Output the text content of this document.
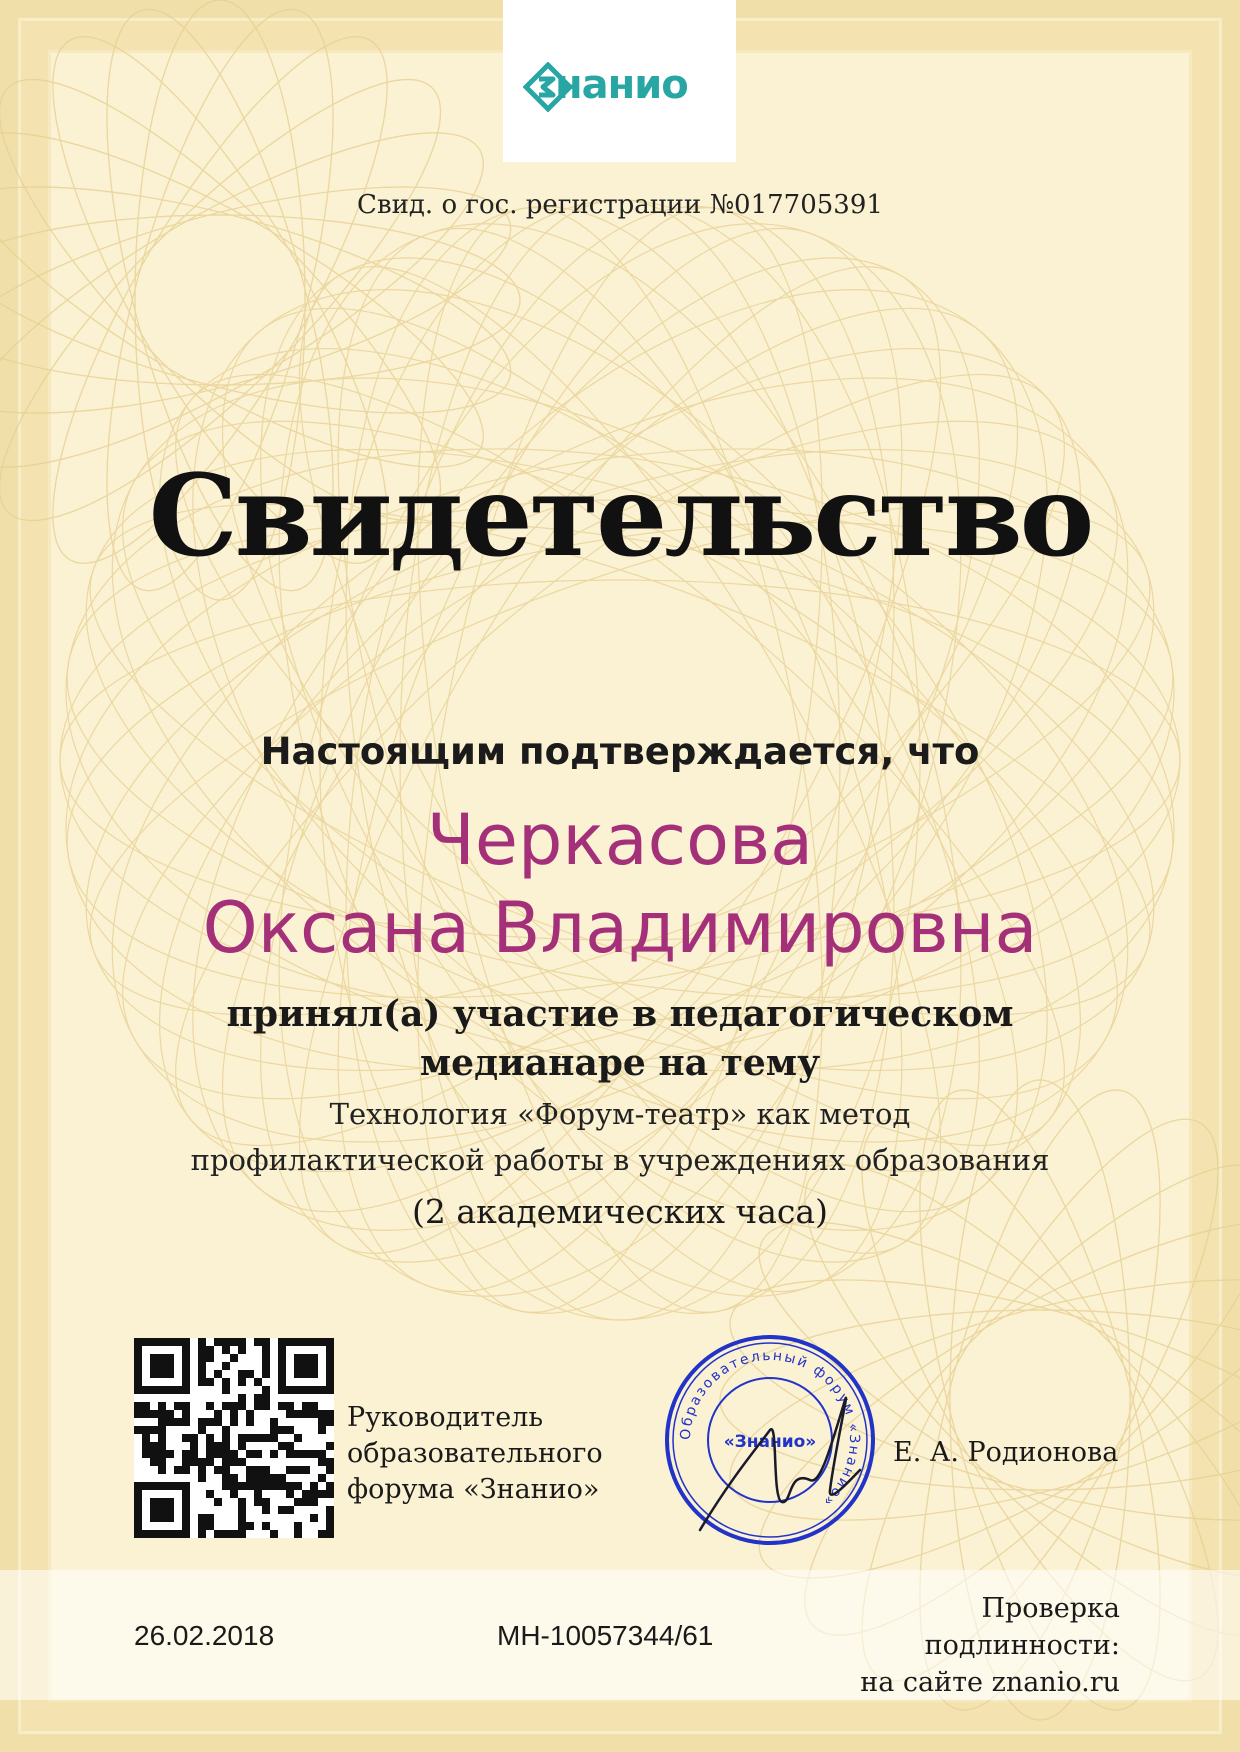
нанио
Свид. о гос. регистрации №017705391
Свидетельство
Настоящим подтверждается, что
Черкасова
Оксана Владимировна
принял(а) участие в педагогическом
медианаре на тему
Технология «Форум-театр» как метод
профилактической работы в учреждениях образования
(2 академических часа)
Руководитель
образовательного
форума «Знанио»
Образовательный форум «Знанио»
«Знанио»	Е. А. Родионова
26.02.2018	МН-10057344/61
Проверка
подлинности:
на сайте znanio.ru
